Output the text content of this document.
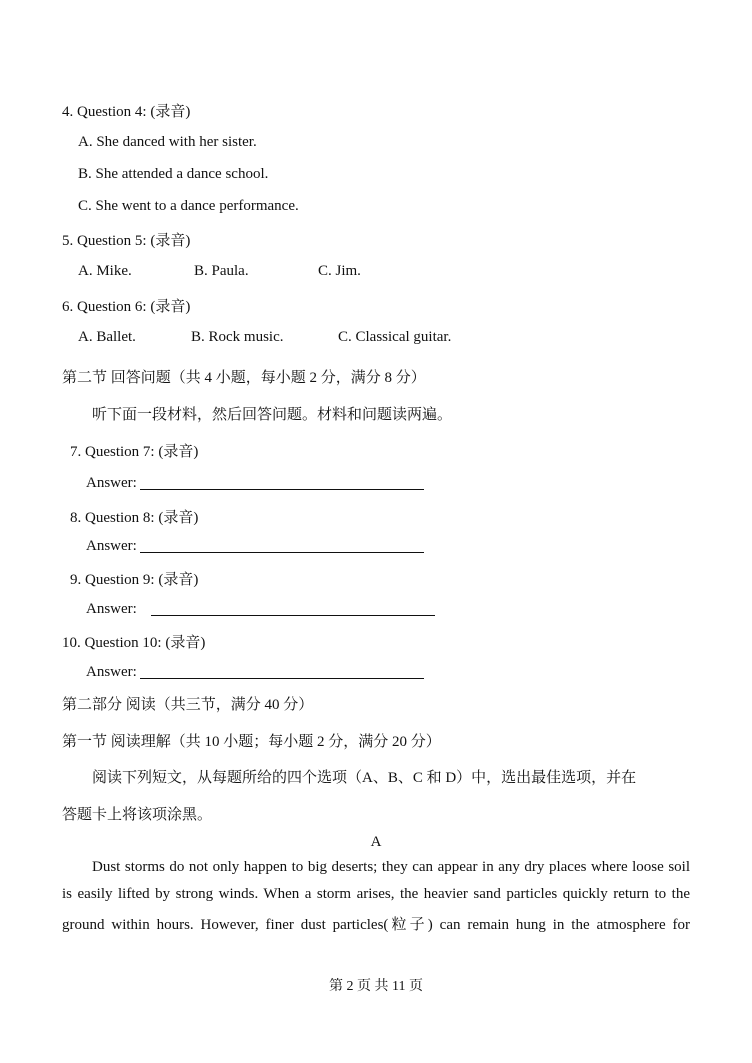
4. Question 4: (录音)
A. She danced with her sister.
B. She attended a dance school.
C. She went to a dance performance.
5. Question 5: (录音)
A. Mike.	B. Paula.	C. Jim.
6. Question 6: (录音)
A. Ballet.	B. Rock music.	C. Classical guitar.
第二节 回答问题（共 4 小题，每小题 2 分，满分 8 分）
听下面一段材料，然后回答问题。材料和问题读两遍。
7. Question 7: (录音)
Answer:
8. Question 8: (录音)
Answer:
9. Question 9: (录音)
Answer:
10. Question 10: (录音)
Answer:
第二部分 阅读（共三节，满分 40 分）
第一节 阅读理解（共 10 小题；每小题 2 分，满分 20 分）
阅读下列短文，从每题所给的四个选项（A、B、C 和 D）中，选出最佳选项，并在
答题卡上将该项涂黑。
A
Dust storms do not only happen to big deserts; they can appear in any dry places where loose soil
is easily lifted by strong winds. When a storm arises, the heavier sand particles quickly return to the
ground within hours. However, finer dust particles(粒子) can remain hung in the atmosphere for
第 2 页 共 11 页
